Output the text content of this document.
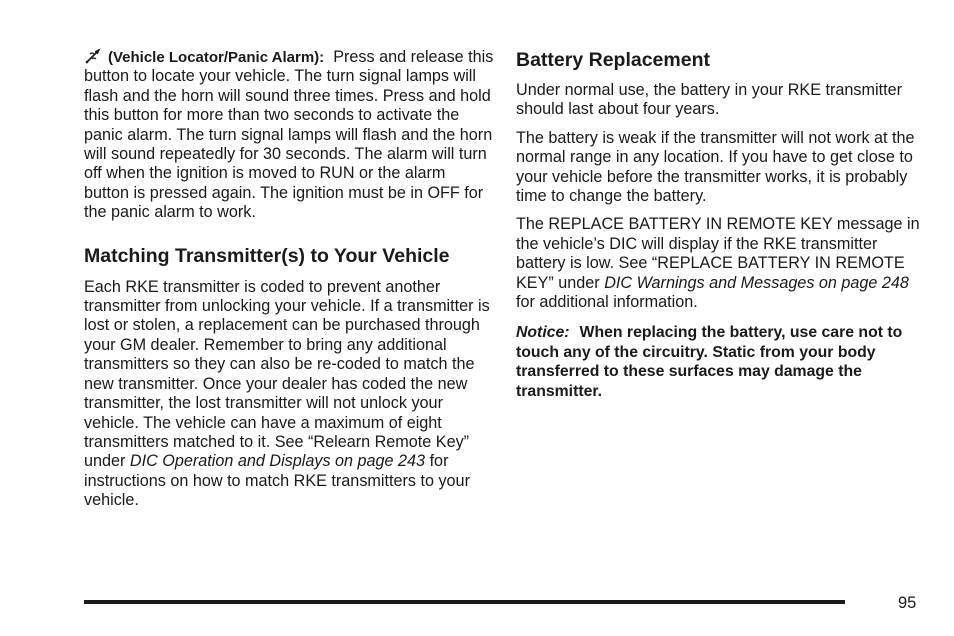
(Vehicle Locator/Panic Alarm): Press and release this button to locate your vehicle. The turn signal lamps will flash and the horn will sound three times. Press and hold this button for more than two seconds to activate the panic alarm. The turn signal lamps will flash and the horn will sound repeatedly for 30 seconds. The alarm will turn off when the ignition is moved to RUN or the alarm button is pressed again. The ignition must be in OFF for the panic alarm to work.

Matching Transmitter(s) to Your Vehicle

Each RKE transmitter is coded to prevent another transmitter from unlocking your vehicle. If a transmitter is lost or stolen, a replacement can be purchased through your GM dealer. Remember to bring any additional transmitters so they can also be re-coded to match the new transmitter. Once your dealer has coded the new transmitter, the lost transmitter will not unlock your vehicle. The vehicle can have a maximum of eight transmitters matched to it. See “Relearn Remote Key” under DIC Operation and Displays on page 243 for instructions on how to match RKE transmitters to your vehicle.

Battery Replacement

Under normal use, the battery in your RKE transmitter should last about four years.

The battery is weak if the transmitter will not work at the normal range in any location. If you have to get close to your vehicle before the transmitter works, it is probably time to change the battery.

The REPLACE BATTERY IN REMOTE KEY message in the vehicle’s DIC will display if the RKE transmitter battery is low. See “REPLACE BATTERY IN REMOTE KEY” under DIC Warnings and Messages on page 248 for additional information.

Notice: When replacing the battery, use care not to touch any of the circuitry. Static from your body transferred to these surfaces may damage the transmitter.

95
